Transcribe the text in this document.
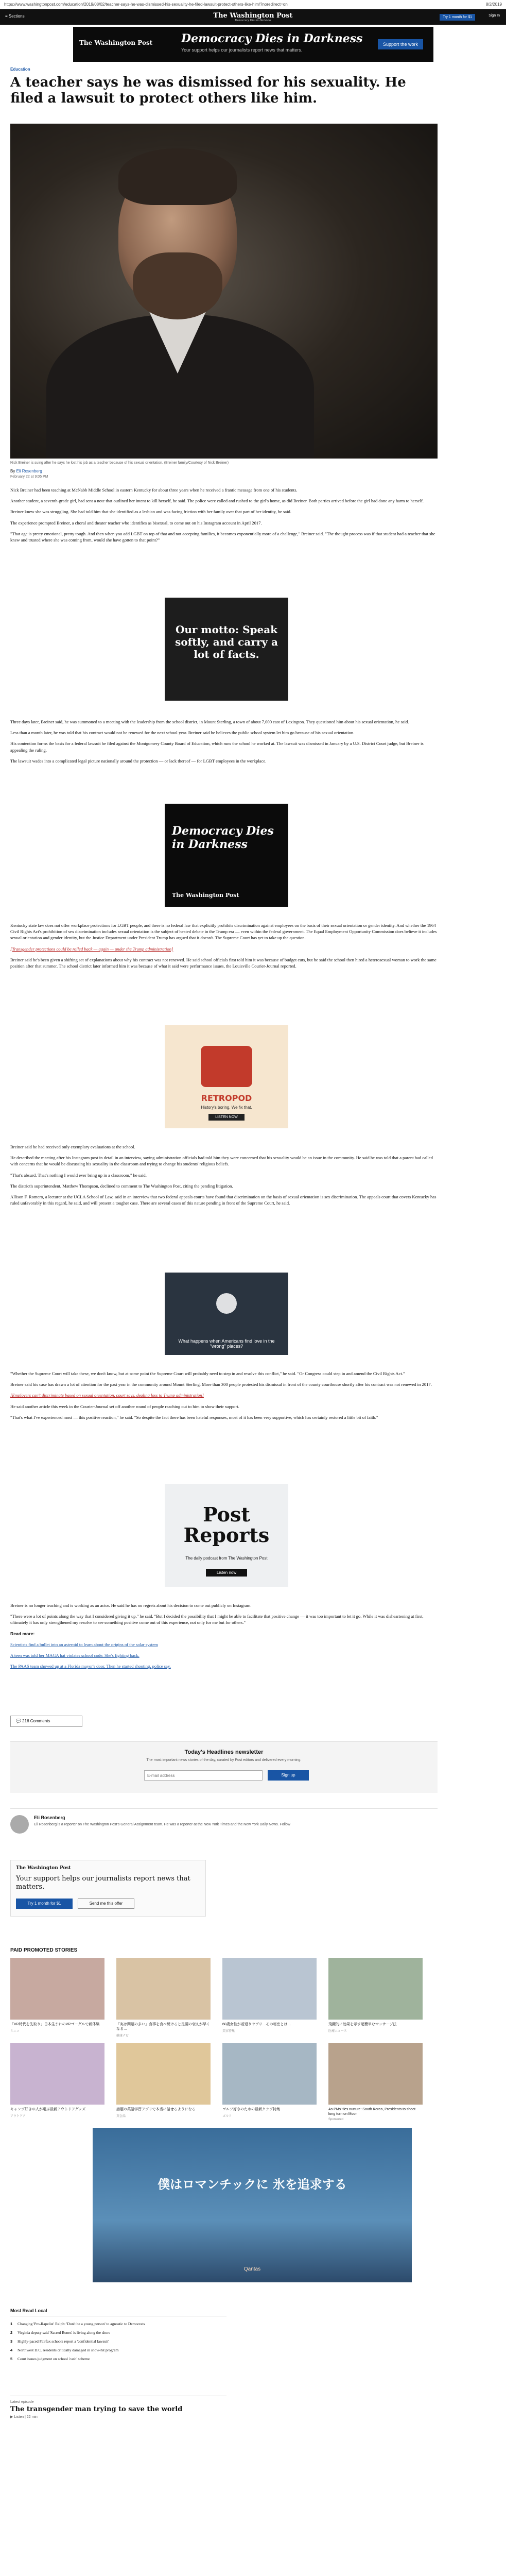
https://www.washingtonpost.com/education/2019/08/02/teacher-says-he-was-dismissed-his-sexuality-he-filed-lawsuit-protect-others-like-him/?noredirect=on	8/2/2019
≡ Sections	The Washington Post
Democracy Dies in Darkness
Try 1 month for $1	Sign In
The Washington Post	Democracy Dies in Darkness
Your support helps our journalists report news that matters.
Support the work
Education
A teacher says he was dismissed for his sexuality. He filed a lawsuit to protect others like him.
Nick Breiner is suing after he says he lost his job as a teacher because of his sexual orientation. (Breiner family/Courtesy of Nick Breiner)
By Eli Rosenberg
February 22 at 9:05 PM

Nick Breiner had been teaching at McNabb Middle School in eastern Kentucky for about three years when he received a frantic message from one of his students.

Another student, a seventh-grade girl, had sent a note that outlined her intent to kill herself, he said. The police were called and rushed to the girl's home, as did Breiner. Both parties arrived before the girl had done any harm to herself.

Breiner knew she was struggling. She had told him that she identified as a lesbian and was facing friction with her family over that part of her identity, he said.

The experience prompted Breiner, a choral and theater teacher who identifies as bisexual, to come out on his Instagram account in April 2017.

"That age is pretty emotional, pretty tough. And then when you add LGBT on top of that and not accepting families, it becomes exponentially more of a challenge," Breiner said. "The thought process was if that student had a teacher that she knew and trusted where she was coming from, would she have gotten to that point?"

Our motto: Speak softly, and carry a lot of facts.

Three days later, Breiner said, he was summoned to a meeting with the leadership from the school district, in Mount Sterling, a town of about 7,000 east of Lexington. They questioned him about his sexual orientation, he said.

Less than a month later, he was told that his contract would not be renewed for the next school year. Breiner said he believes the public school system let him go because of his sexual orientation.

His contention forms the basis for a federal lawsuit he filed against the Montgomery County Board of Education, which runs the school he worked at. The lawsuit was dismissed in January by a U.S. District Court judge, but Breiner is appealing the ruling.

The lawsuit wades into a complicated legal picture nationally around the protection — or lack thereof — for LGBT employees in the workplace.

Democracy Dies in Darkness
The Washington Post

Kentucky state law does not offer workplace protections for LGBT people, and there is no federal law that explicitly prohibits discrimination against employees on the basis of their sexual orientation or gender identity. And whether the 1964 Civil Rights Act's prohibition of sex discrimination includes sexual orientation is the subject of heated debate in the Trump era — even within the federal government. The Equal Employment Opportunity Commission does believe it includes sexual orientation and gender identity, but the Justice Department under President Trump has argued that it doesn't. The Supreme Court has yet to take up the question.

[Transgender protections could be rolled back — again — under the Trump administration]

Breiner said he's been given a shifting set of explanations about why his contract was not renewed. He said school officials first told him it was because of budget cuts, but he said the school then hired a heterosexual woman to work the same position after that summer. The school district later informed him it was because of what it said were performance issues, the Louisville Courier-Journal reported.

RETROPOD
History's boring. We fix that.
LISTEN NOW

Breiner said he had received only exemplary evaluations at the school.

He described the meeting after his Instagram post in detail in an interview, saying administration officials had told him they were concerned that his sexuality would be an issue in the community. He said he was told that a parent had called with concerns that he would be discussing his sexuality in the classroom and trying to change his students' religious beliefs.

"That's absurd. That's nothing I would ever bring up in a classroom," he said.

The district's superintendent, Matthew Thompson, declined to comment to The Washington Post, citing the pending litigation.

Allison F. Romero, a lecturer at the UCLA School of Law, said in an interview that two federal appeals courts have found that discrimination on the basis of sexual orientation is sex discrimination. The appeals court that covers Kentucky has ruled unfavorably in this regard, he said, and will present a tougher case. There are several cases of this nature pending in front of the Supreme Court, he said.

What happens when Americans find love in the "wrong" places?

"Whether the Supreme Court will take these, we don't know, but at some point the Supreme Court will probably need to step in and resolve this conflict," he said. "Or Congress could step in and amend the Civil Rights Act."

Breiner said his case has drawn a lot of attention for the past year in the community around Mount Sterling. More than 300 people protested his dismissal in front of the county courthouse shortly after his contract was not renewed in 2017.

[Employers can't discriminate based on sexual orientation, court says, dealing loss to Trump administration]

He said another article this week in the Courier-Journal set off another round of people reaching out to him to show their support.

"That's what I've experienced most — this positive reaction," he said. "So despite the fact there has been hateful responses, most of it has been very supportive, which has certainly restored a little bit of faith."

Post Reports
The daily podcast from The Washington Post
Listen now

Breiner is no longer teaching and is working as an actor. He said he has no regrets about his decision to come out publicly on Instagram.

"There were a lot of points along the way that I considered giving it up," he said. "But I decided the possibility that I might be able to facilitate that positive change — it was too important to let it go. While it was disheartening at first, ultimately it has only strengthened my resolve to see something positive come out of this experience, not only for me but for others."

Read more:

Scientists find a bullet into an asteroid to learn about the origins of the solar system

A teen was told her MAGA hat violates school code. She's fighting back.

The PAAS team showed up at a Florida mayor's door. Then he started shooting, police say.

💬 216 Comments
Today's Headlines newsletter
The most important news stories of the day, curated by Post editors and delivered every morning.
E-mail address
Sign up
Eli Rosenberg
Eli Rosenberg is a reporter on The Washington Post's General Assignment team. He was a reporter at the New York Times and the New York Daily News. Follow
The Washington Post
Your support helps our journalists report news that matters.
Try 1 month for $1	Send me this offer
PAID PROMOTED STORIES
「VR時代を先取り」日本生まれのVRゴーグルで新体験
ミニコ
「実は問題の多い」食事を食べ続けると足腰の衰えが早くなる…
健康ナビ
60歳女性が若返りサプリ…その秘密とは…
美容特集
飛躍的に効果を示す超簡単なマッサージ法
医療ニュース
キャンプ好きの人が選ぶ最新アウトドアグッズ
アウトドア
話題の英語学習アプリで本当に話せるようになる
英会話
ゴルフ好きのための最新クラブ特集
ゴルフ
As PMs' ties nurture: South Korea, Presidents to shoot long turn on Moon
Sponsored
僕はロマンチックに 氷を追求する
Qantas
Most Read Local
1 Changing 'Pro-Rapelist' Ralph: 'Don't be a young person' to agnostic to Democrats
2 Virginia deputy said 'Sacred Bones' is living along the shore
3 Highly-paced Fairfax schools report a 'confidential lawsuit'
4 Northwest D.C. residents critically damaged in snow-hit program
5 Court issues judgment on school 'cash' scheme
Latest episode
The transgender man trying to save the world
▶ Listen | 22 min
